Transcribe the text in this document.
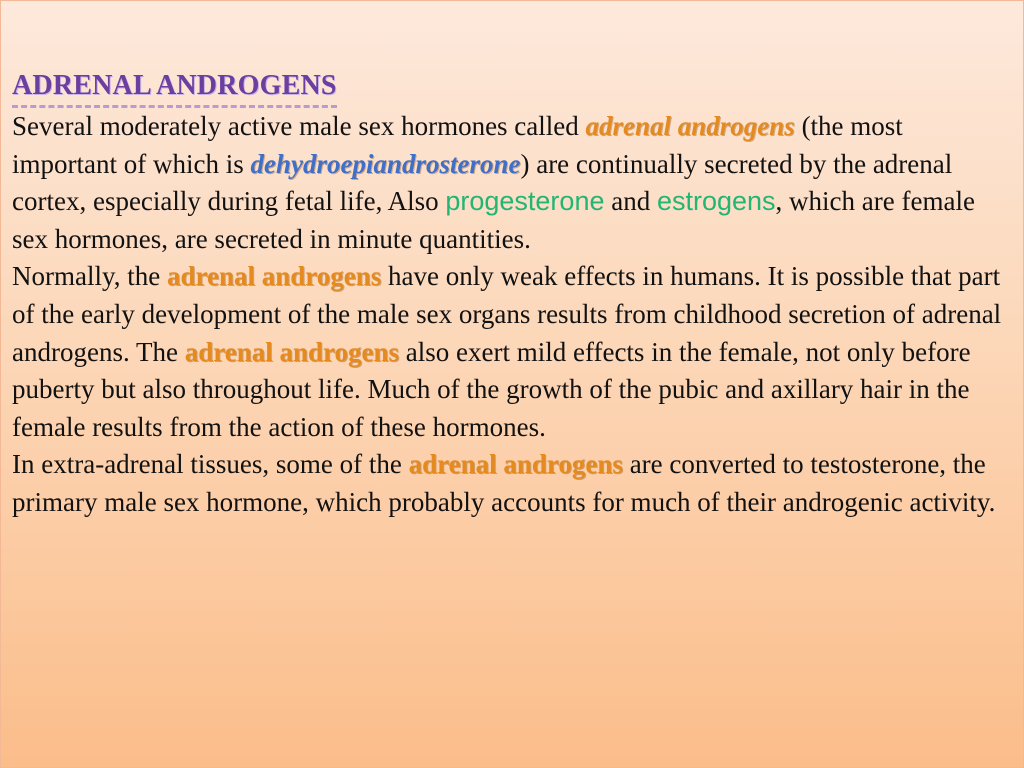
ADRENAL ANDROGENS

Several moderately active male sex hormones called adrenal androgens (the most important of which is dehydroepiandrosterone) are continually secreted by the adrenal cortex, especially during fetal life, Also progesterone and estrogens, which are female sex hormones, are secreted in minute quantities.

Normally, the adrenal androgens have only weak effects in humans. It is possible that part of the early development of the male sex organs results from childhood secretion of adrenal androgens. The adrenal androgens also exert mild effects in the female, not only before puberty but also throughout life. Much of the growth of the pubic and axillary hair in the female results from the action of these hormones.

In extra-adrenal tissues, some of the adrenal androgens are converted to testosterone, the primary male sex hormone, which probably accounts for much of their androgenic activity.
